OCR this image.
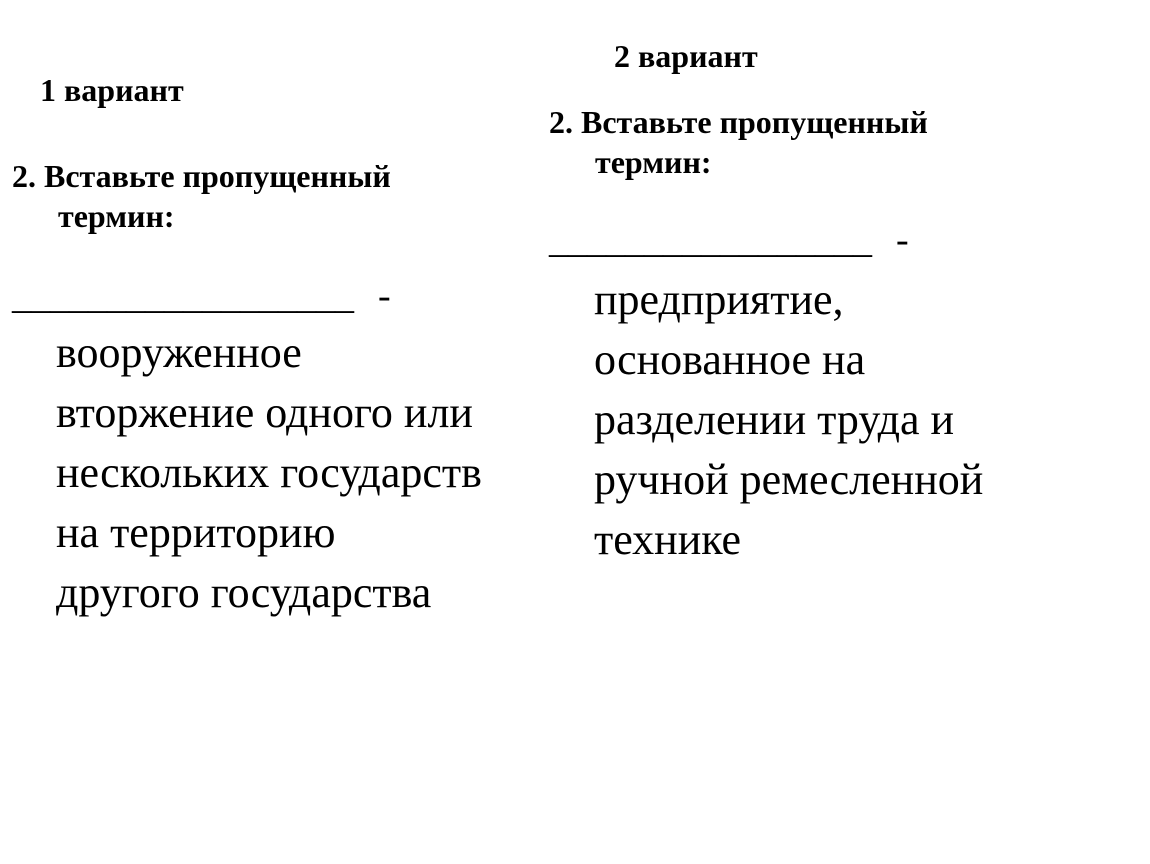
1 вариант
2. Вставьте пропущенный
термин:
__________________ -
вооруженное
вторжение одного или
нескольких государств
на территорию
другого государства
2 вариант
2. Вставьте пропущенный
термин:
_________________ -
предприятие,
основанное на
разделении труда и
ручной ремесленной
технике
